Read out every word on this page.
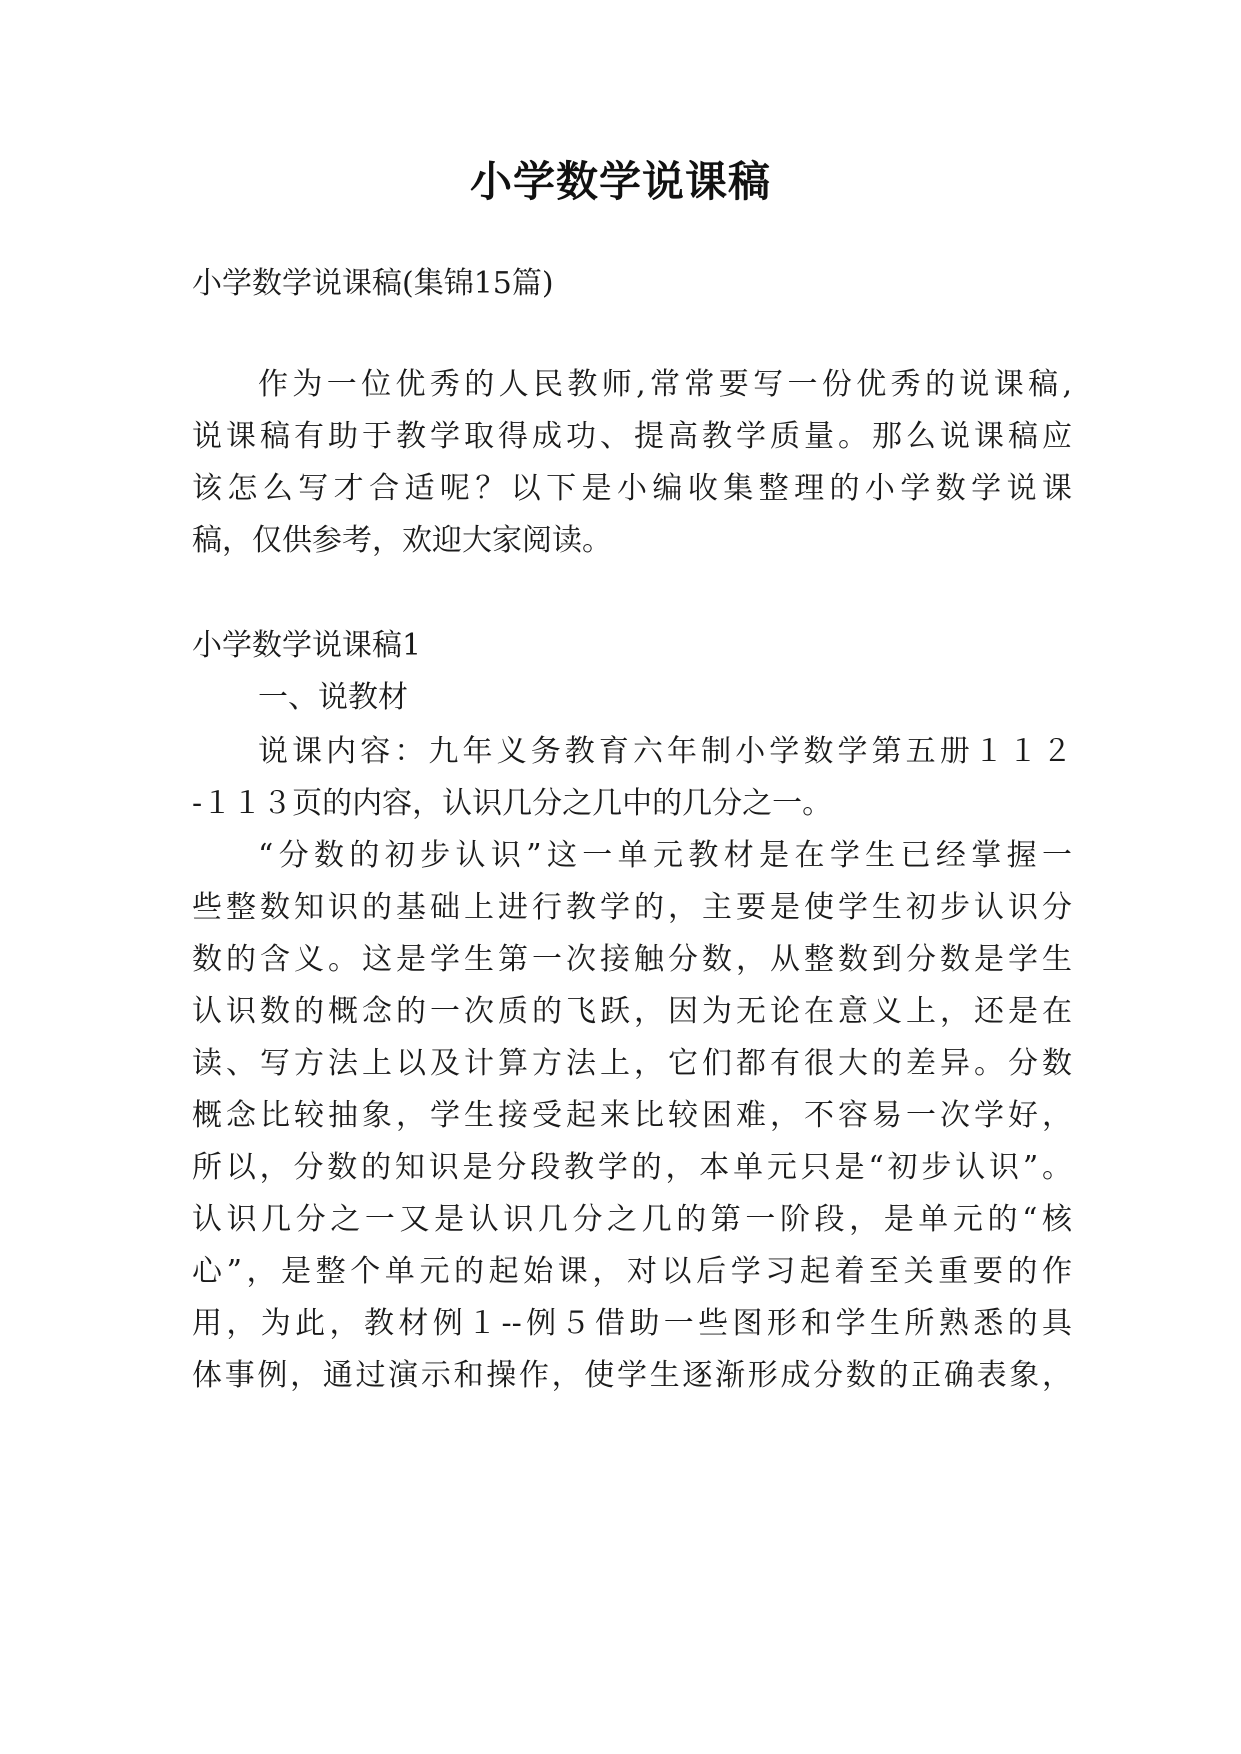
小学数学说课稿
小学数学说课稿(集锦15篇)
作为一位优秀的人民教师,常常要写一份优秀的说课稿,
说课稿有助于教学取得成功、提高教学质量。那么说课稿应
该怎么写才合适呢？以下是小编收集整理的小学数学说课
稿，仅供参考，欢迎大家阅读。
小学数学说课稿1
一、说教材
说课内容：九年义务教育六年制小学数学第五册１１２
-１１３页的内容，认识几分之几中的几分之一。
“分数的初步认识”这一单元教材是在学生已经掌握一
些整数知识的基础上进行教学的，主要是使学生初步认识分
数的含义。这是学生第一次接触分数，从整数到分数是学生
认识数的概念的一次质的飞跃，因为无论在意义上，还是在
读、写方法上以及计算方法上，它们都有很大的差异。分数
概念比较抽象，学生接受起来比较困难，不容易一次学好，
所以，分数的知识是分段教学的，本单元只是“初步认识”。
认识几分之一又是认识几分之几的第一阶段，是单元的“核
心”，是整个单元的起始课，对以后学习起着至关重要的作
用，为此，教材例１--例５借助一些图形和学生所熟悉的具
体事例，通过演示和操作，使学生逐渐形成分数的正确表象，
